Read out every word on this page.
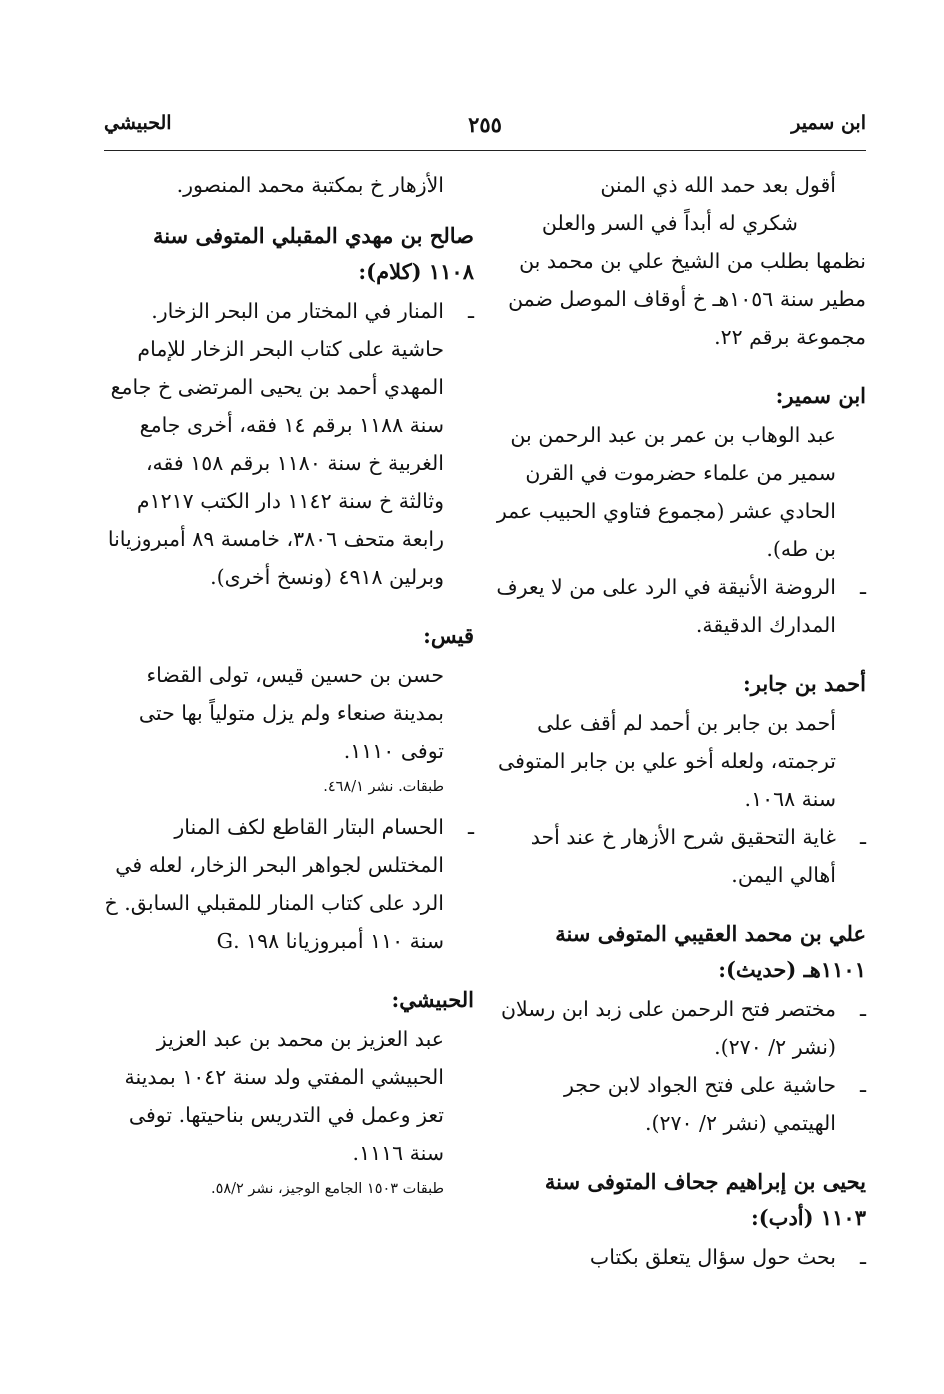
ابن سمير
٢٥٥
الحبيشي

أقول بعد حمد الله ذي المنن

شكري له أبداً في السر والعلن

نظمها بطلب من الشيخ علي بن محمد بن مطير سنة ١٠٥٦هـ خ أوقاف الموصل ضمن مجموعة برقم ٢٢.

ابن سمير:

عبد الوهاب بن عمر بن عبد الرحمن بن سمير من علماء حضرموت في القرن الحادي عشر (مجموع فتاوي الحبيب عمر بن طه).

ـ
الروضة الأنيقة في الرد على من لا يعرف المدارك الدقيقة.

أحمد بن جابر:

أحمد بن جابر بن أحمد لم أقف على ترجمته، ولعله أخو علي بن جابر المتوفى سنة ١٠٦٨.

ـ
غاية التحقيق شرح الأزهار خ عند أحد أهالي اليمن.

علي بن محمد العقيبي المتوفى سنة ١١٠١هـ (حديث):

ـ
مختصر فتح الرحمن على زبد ابن رسلان (نشر ٢/ ٢٧٠).

ـ
حاشية على فتح الجواد لابن حجر الهيتمي (نشر ٢/ ٢٧٠).

يحيى بن إبراهيم جحاف المتوفى سنة ١١٠٣ (أدب):

ـ
بحث حول سؤال يتعلق بكتاب

الأزهار خ بمكتبة محمد المنصور.

صالح بن مهدي المقبلي المتوفى سنة ١١٠٨ (كلام):

ـ
المنار في المختار من البحر الزخار. حاشية على كتاب البحر الزخار للإمام المهدي أحمد بن يحيى المرتضى خ جامع سنة ١١٨٨ برقم ١٤ فقه، أخرى جامع الغربية خ سنة ١١٨٠ برقم ١٥٨ فقه، وثالثة خ سنة ١١٤٢ دار الكتب ١٢١٧م رابعة متحف ٣٨٠٦، خامسة ٨٩ أمبروزيانا وبرلين ٤٩١٨ (ونسخ أخرى).

قيس:

حسن بن حسين قيس، تولى القضاء بمدينة صنعاء ولم يزل متولياً بها حتى توفى ١١١٠.

طبقات. نشر ٤٦٨/١.

ـ
الحسام البتار القاطع لكف المنار المختلس لجواهر البحر الزخار، لعله في الرد على كتاب المنار للمقبلي السابق. خ سنة ١١٠ أمبروزيانا ١٩٨ .G

الحبيشي:

عبد العزيز بن محمد بن عبد العزيز الحبيشي المفتي ولد سنة ١٠٤٢ بمدينة تعز وعمل في التدريس بناحيتها. توفى سنة ١١١٦.

طبقات ١٥٠٣ الجامع الوجيز، نشر ٥٨/٢.
